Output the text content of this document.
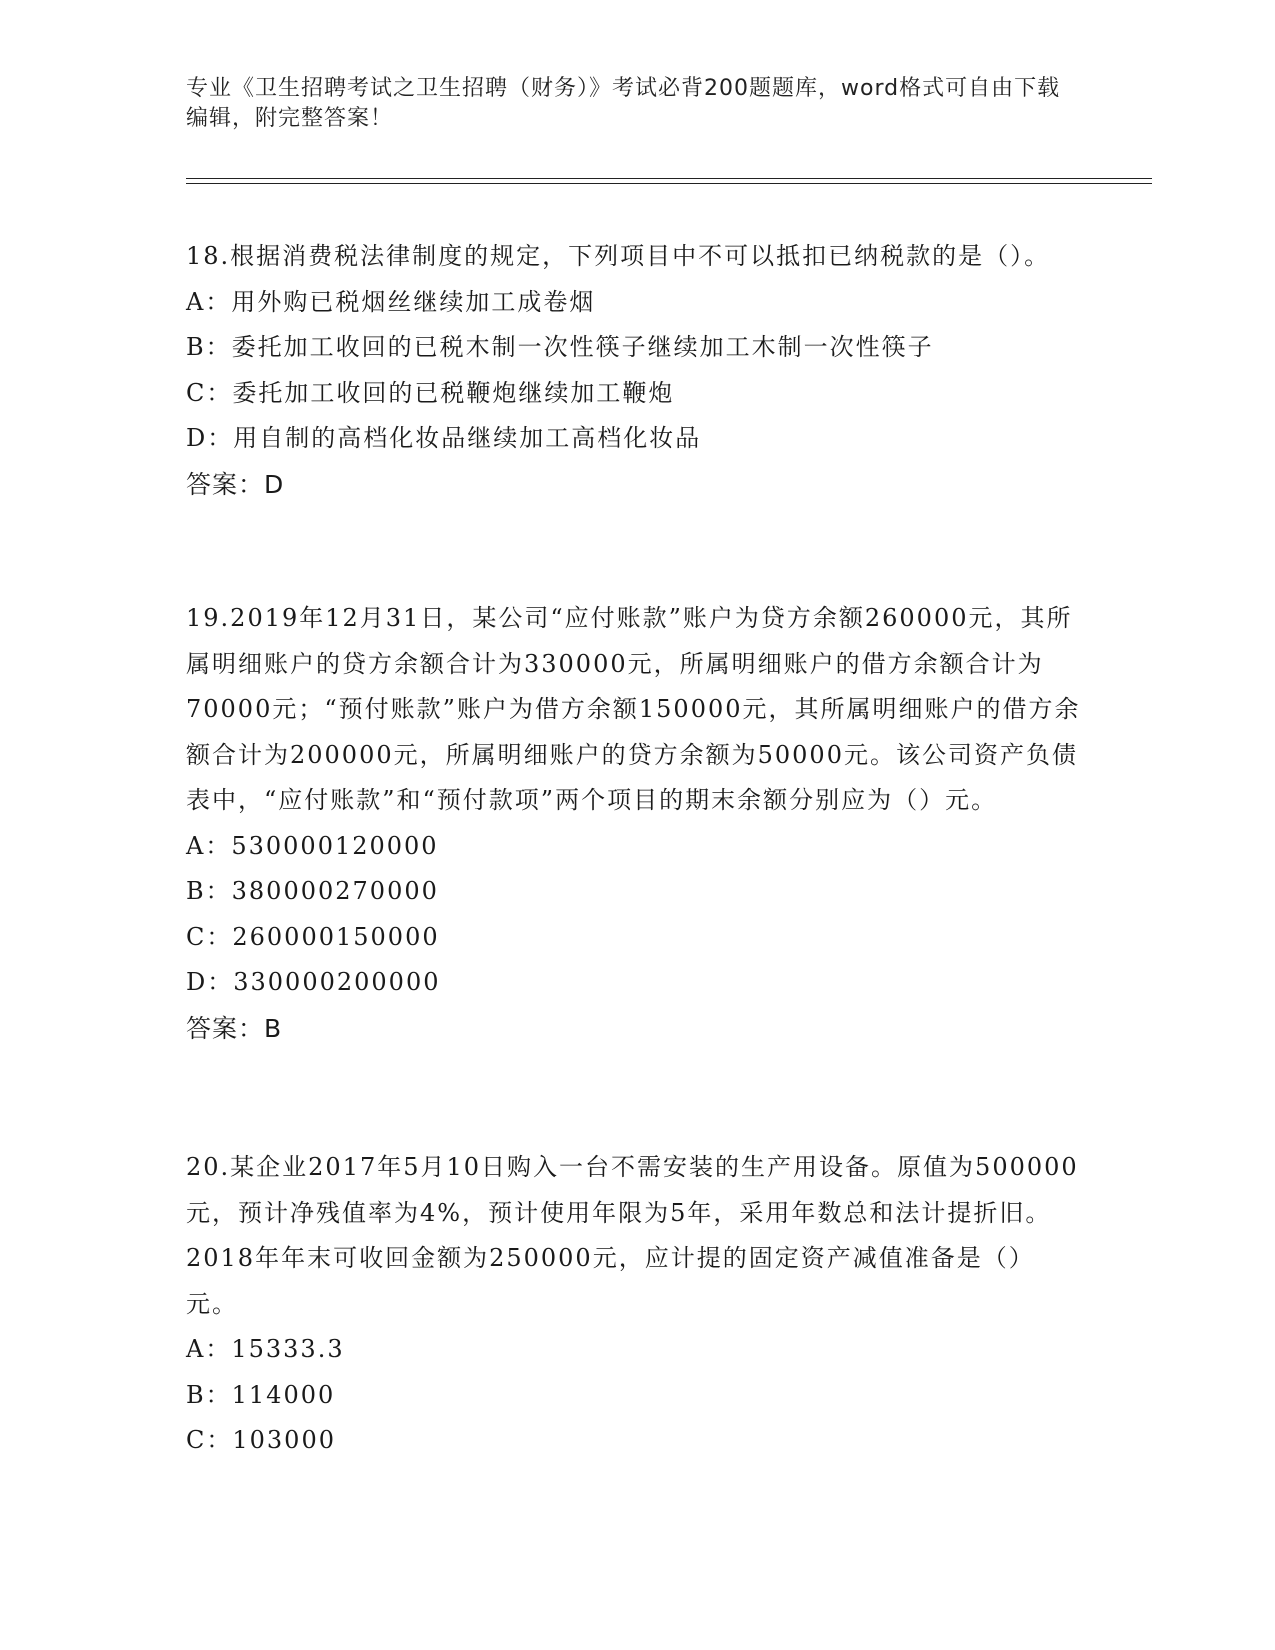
专业《卫生招聘考试之卫生招聘（财务）》考试必背200题题库，word格式可自由下载编辑，附完整答案！

18.根据消费税法律制度的规定，下列项目中不可以抵扣已纳税款的是（）。

A：用外购已税烟丝继续加工成卷烟
B：委托加工收回的已税木制一次性筷子继续加工木制一次性筷子
C：委托加工收回的已税鞭炮继续加工鞭炮
D：用自制的高档化妆品继续加工高档化妆品
答案：D

19.2019年12月31日，某公司“应付账款”账户为贷方余额260000元，其所属明细账户的贷方余额合计为330000元，所属明细账户的借方余额合计为70000元；“预付账款”账户为借方余额150000元，其所属明细账户的借方余额合计为200000元，所属明细账户的贷方余额为50000元。该公司资产负债表中，“应付账款”和“预付款项”两个项目的期末余额分别应为（）元。

A：530000120000
B：380000270000
C：260000150000
D：330000200000
答案：B

20.某企业2017年5月10日购入一台不需安装的生产用设备。原值为500000元，预计净残值率为4%，预计使用年限为5年，采用年数总和法计提折旧。2018年年末可收回金额为250000元，应计提的固定资产减值准备是（）元。

A：15333.3
B：114000
C：103000
